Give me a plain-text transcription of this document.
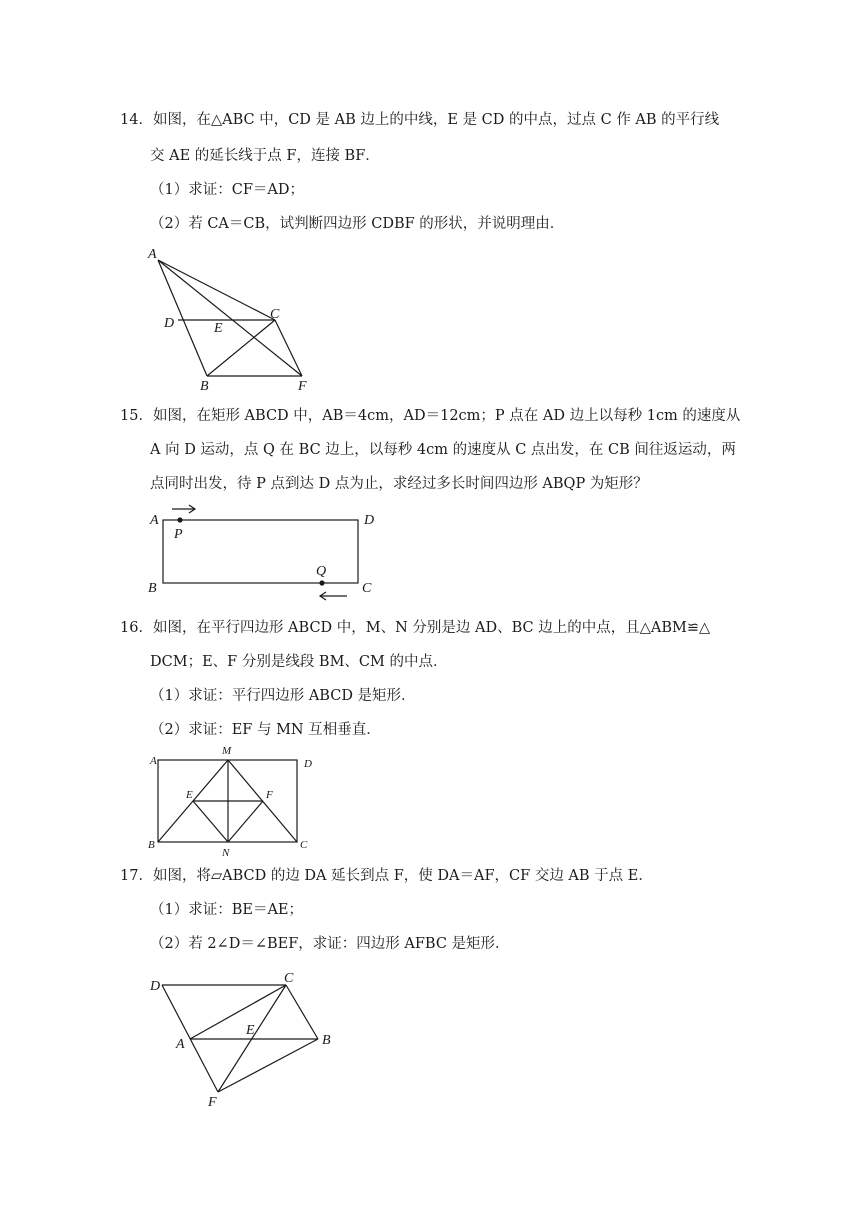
14．如图，在△ABC 中，CD 是 AB 边上的中线，E 是 CD 的中点，过点 C 作 AB 的平行线
交 AE 的延长线于点 F，连接 BF．
（1）求证：CF＝AD；
（2）若 CA＝CB，试判断四边形 CDBF 的形状，并说明理由．
A
D	E
C
B	F
15．如图，在矩形 ABCD 中，AB＝4cm，AD＝12cm；P 点在 AD 边上以每秒 1cm 的速度从
A 向 D 运动，点 Q 在 BC 边上，以每秒 4cm 的速度从 C 点出发，在 CB 间往返运动，两
点同时出发，待 P 点到达 D 点为止，求经过多长时间四边形 ABQP 为矩形？
A
P
D
B
Q
C
16．如图，在平行四边形 ABCD 中，M、N 分别是边 AD、BC 边上的中点，且△ABM≌△
DCM；E、F 分别是线段 BM、CM 的中点．
（1）求证：平行四边形 ABCD 是矩形．
（2）求证：EF 与 MN 互相垂直．
A
M
D
E	F
B
N
C
17．如图，将▱ABCD 的边 DA 延长到点 F，使 DA＝AF，CF 交边 AB 于点 E．
（1）求证：BE＝AE；
（2）若 2∠D＝∠BEF，求证：四边形 AFBC 是矩形．
D
C
E
A	B
F
